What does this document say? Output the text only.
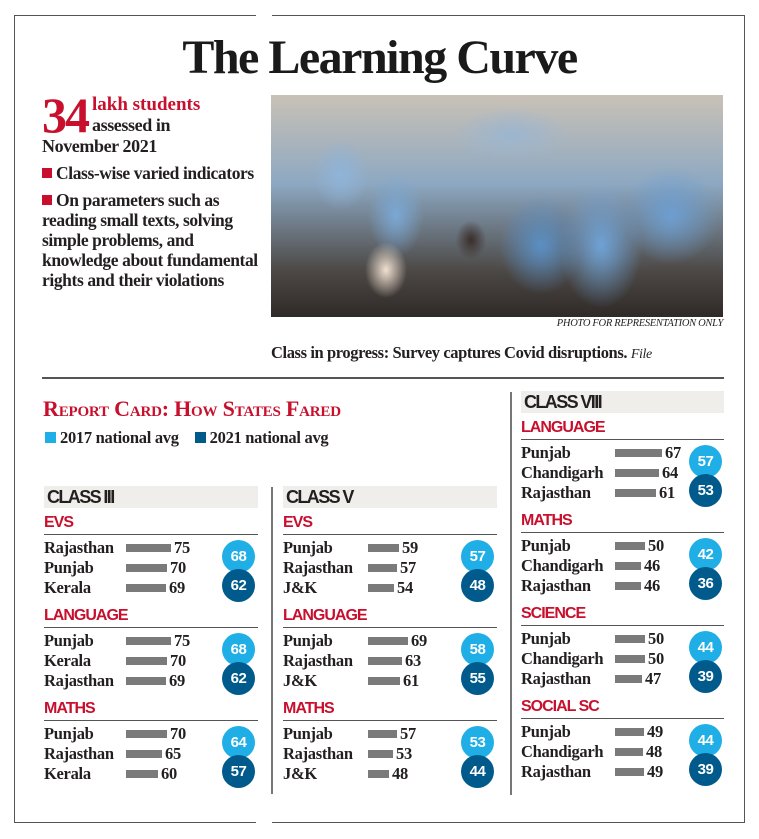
The Learning Curve
34 lakh students
assessed in
November 2021
Class-wise varied indicators
On parameters such as reading small texts, solving simple problems, and knowledge about fundamental rights and their violations
PHOTO FOR REPRESENTATION ONLY
Class in progress: Survey captures Covid disruptions. File
Report Card: How States Fared
2017 national avg	2021 national avg
CLASS III
EVS
Rajasthan	75
Punjab	70
Kerala	69
68
62
LANGUAGE
Punjab	75
Kerala	70
Rajasthan	69
68
62
MATHS
Punjab	70
Rajasthan	65
Kerala	60
64
57
CLASS V
EVS
Punjab	59
Rajasthan	57
J&K	54
57
48
LANGUAGE
Punjab	69
Rajasthan	63
J&K	61
58
55
MATHS
Punjab	57
Rajasthan	53
J&K	48
53
44
CLASS VIII
LANGUAGE
Punjab	67
Chandigarh	64
Rajasthan	61
57
53
MATHS
Punjab	50
Chandigarh 46
Rajasthan	46
42
36
SCIENCE
Punjab	50
Chandigarh	50
Rajasthan	47
44
39
SOCIAL SC
Punjab	49
Chandigarh	48
Rajasthan	49
44
39
